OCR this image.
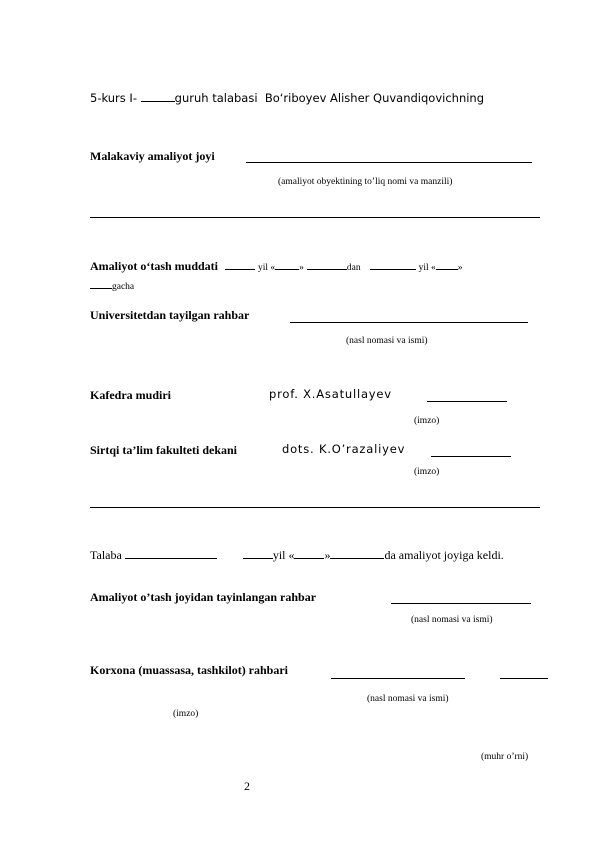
5-kurs I-	guruh talabasi Bo‘riboyev Alisher Quvandiqovichning
Malakaviy amaliyot joyi
(amaliyot obyektining to’liq nomi va manzili)
Amaliyot o‘tash muddati	yil «	»	dan	yil « »
gacha
Universitetdan tayilgan rahbar
(nasl nomasi va ismi)
Kafedra mudiri	prof. X.Asatullayev
(imzo)
Sirtqi ta’lim fakulteti dekani	dots. K.O’razaliyev
(imzo)
Talaba	yil «	»	da amaliyot joyiga keldi.
Amaliyot o’tash joyidan tayinlangan rahbar
(nasl nomasi va ismi)
Korxona (muassasa, tashkilot) rahbari
(nasl nomasi va ismi)
(imzo)
(muhr o’rni)
2
